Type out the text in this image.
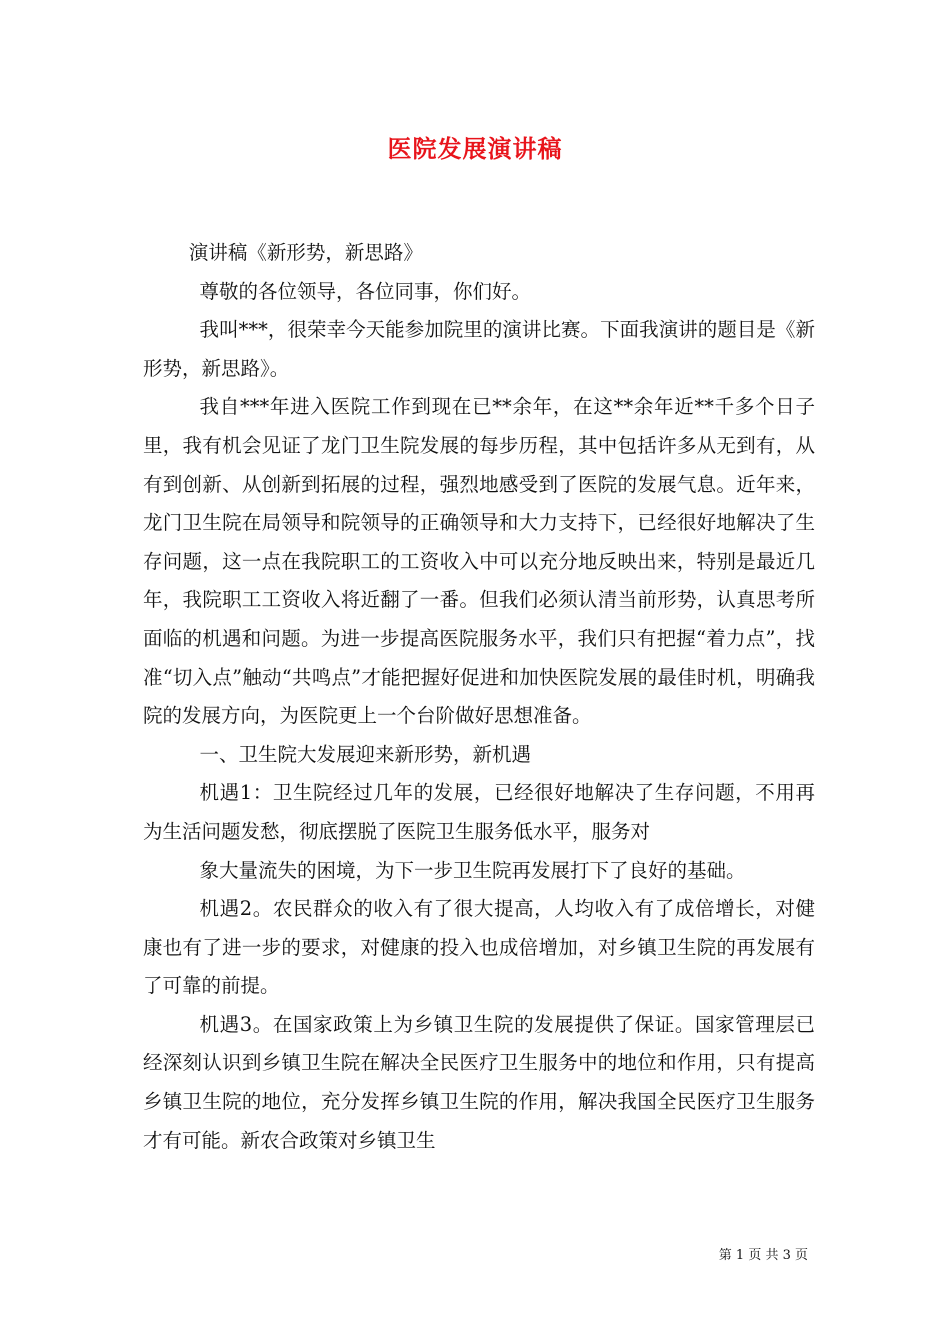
医院发展演讲稿

演讲稿《新形势，新思路》

尊敬的各位领导，各位同事，你们好。

我叫***，很荣幸今天能参加院里的演讲比赛。下面我演讲的题目是《新形势，新思路》。

我自***年进入医院工作到现在已**余年，在这**余年近**千多个日子里，我有机会见证了龙门卫生院发展的每步历程，其中包括许多从无到有，从有到创新、从创新到拓展的过程，强烈地感受到了医院的发展气息。近年来，龙门卫生院在局领导和院领导的正确领导和大力支持下，已经很好地解决了生存问题，这一点在我院职工的工资收入中可以充分地反映出来，特别是最近几年，我院职工工资收入将近翻了一番。但我们必须认清当前形势，认真思考所面临的机遇和问题。为进一步提高医院服务水平，我们只有把握“着力点”，找准“切入点”触动“共鸣点”才能把握好促进和加快医院发展的最佳时机，明确我院的发展方向，为医院更上一个台阶做好思想准备。

一、卫生院大发展迎来新形势，新机遇

机遇1：卫生院经过几年的发展，已经很好地解决了生存问题，不用再为生活问题发愁，彻底摆脱了医院卫生服务低水平，服务对

象大量流失的困境，为下一步卫生院再发展打下了良好的基础。

机遇2。农民群众的收入有了很大提高，人均收入有了成倍增长，对健康也有了进一步的要求，对健康的投入也成倍增加，对乡镇卫生院的再发展有了可靠的前提。

机遇3。在国家政策上为乡镇卫生院的发展提供了保证。国家管理层已经深刻认识到乡镇卫生院在解决全民医疗卫生服务中的地位和作用，只有提高乡镇卫生院的地位，充分发挥乡镇卫生院的作用，解决我国全民医疗卫生服务才有可能。新农合政策对乡镇卫生

第 1 页 共 3 页
